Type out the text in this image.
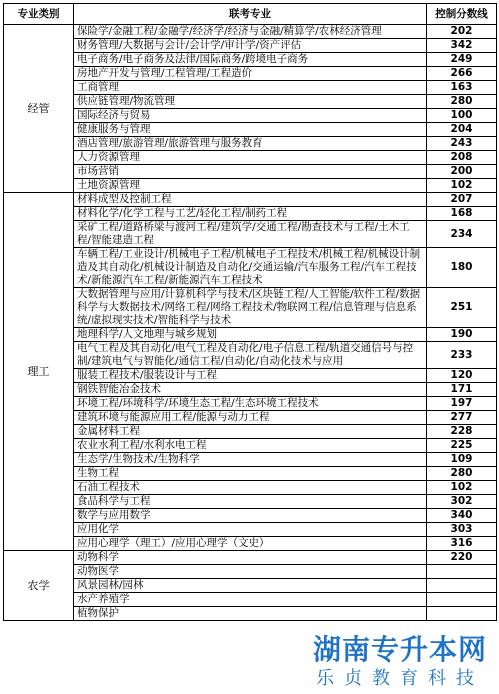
专业类别	联考专业	控制分数线
经管	保险学/金融工程/金融学/经济学/经济与金融/精算学/农林经济管理	202
	财务管理/大数据与会计/会计学/审计学/资产评估	342
	电子商务/电子商务及法律/国际商务/跨境电子商务	249
	房地产开发与管理/工程管理/工程造价	266
	工商管理	163
	供应链管理/物流管理	280
	国际经济与贸易	100
	健康服务与管理	204
	酒店管理/旅游管理/旅游管理与服务教育	243
	人力资源管理	208
	市场营销	200
	土地资源管理	102
理工	材料成型及控制工程	207
	材料化学/化学工程与工艺/轻化工程/制药工程	168
	采矿工程/道路桥梁与渡河工程/建筑学/交通工程/勘查技术与工程/土木工程/智能建造工程	234
	车辆工程/工业设计/机械电子工程/机械电子工程技术/机械工程/机械设计制造及其自动化/机械设计制造及自动化/交通运输/汽车服务工程/汽车工程技术/新能源汽车工程/新能源汽车工程技术	180
	大数据管理与应用/计算机科学与技术/区块链工程/人工智能/软件工程/数据科学与大数据技术/网络工程/网络工程技术/物联网工程/信息管理与信息系统/虚拟现实技术/智能科学与技术	251
	地理科学/人文地理与城乡规划	190
	电气工程及其自动化/电气工程及自动化/电子信息工程/轨道交通信号与控制/建筑电气与智能化/通信工程/自动化/自动化技术与应用	233
	服装工程技术/服装设计与工程	120
	钢铁智能冶金技术	171
	环境工程/环境科学/环境生态工程/生态环境工程技术	197
	建筑环境与能源应用工程/能源与动力工程	277
	金属材料工程	228
	农业水利工程/水利水电工程	225
	生态学/生物技术/生物科学	109
	生物工程	280
	石油工程技术	102
	食品科学与工程	302
	数学与应用数学	340
	应用化学	303
	应用心理学（理工）/应用心理学（文史）	316
农学	动物科学	220
	动物医学	
	风景园林/园林	
	水产养殖学	
	植物保护	
湖南专升本网
乐贞教育科技
